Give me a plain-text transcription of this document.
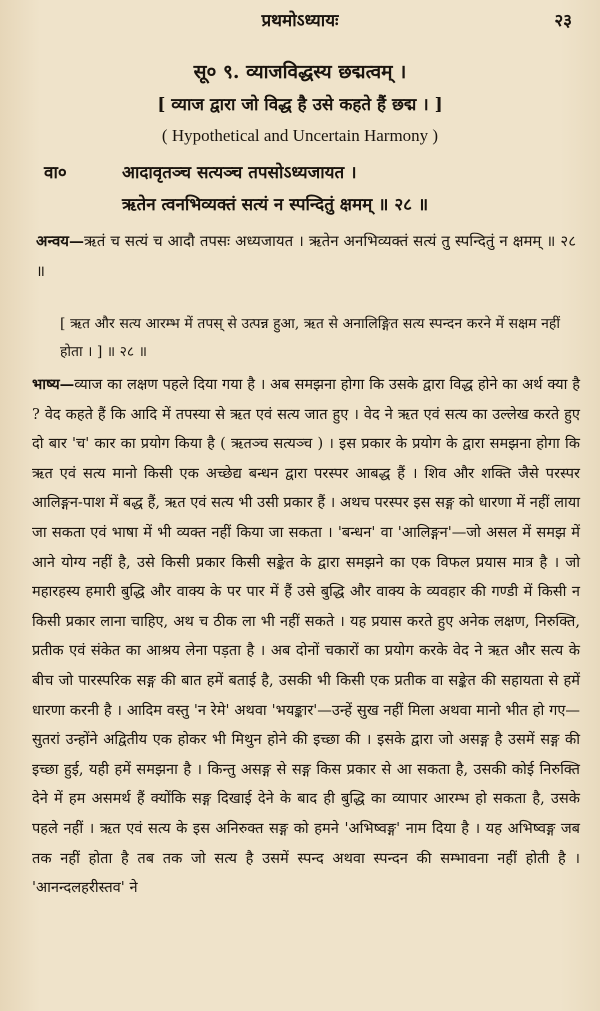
प्रथमोऽध्यायः	२३
सू० ९. व्याजविद्धस्य छद्मत्वम् ।
[ व्याज द्वारा जो विद्ध है उसे कहते हैं छद्म । ]
( Hypothetical and Uncertain Harmony )
वा०	आदावृतञ्च सत्यञ्च तपसोऽध्यजायत ।
ऋतेन त्वनभिव्यक्तं सत्यं न स्पन्दितुं क्षमम् ॥ २८ ॥

अन्वय—ऋतं च सत्यं च आदौ तपसः अध्यजायत । ऋतेन अनभिव्यक्तं सत्यं तु स्पन्दितुं न क्षमम् ॥ २८ ॥

[ ऋत और सत्य आरम्भ में तपस् से उत्पन्न हुआ, ऋत से अनालिङ्गित सत्य स्पन्दन करने में सक्षम नहीं होता । ] ॥ २८ ॥

भाष्य—व्याज का लक्षण पहले दिया गया है । अब समझना होगा कि उसके द्वारा विद्ध होने का अर्थ क्या है ? वेद कहते हैं कि आदि में तपस्या से ऋत एवं सत्य जात हुए । वेद ने ऋत एवं सत्य का उल्लेख करते हुए दो बार 'च' कार का प्रयोग किया है ( ऋतञ्च सत्यञ्च ) । इस प्रकार के प्रयोग के द्वारा समझना होगा कि ऋत एवं सत्य मानो किसी एक अच्छेद्य बन्धन द्वारा परस्पर आबद्ध हैं । शिव और शक्ति जैसे परस्पर आलिङ्गन-पाश में बद्ध हैं, ऋत एवं सत्य भी उसी प्रकार हैं । अथच परस्पर इस सङ्ग को धारणा में नहीं लाया जा सकता एवं भाषा में भी व्यक्त नहीं किया जा सकता । 'बन्धन' वा 'आलिङ्गन'—जो असल में समझ में आने योग्य नहीं है, उसे किसी प्रकार किसी सङ्केत के द्वारा समझने का एक विफल प्रयास मात्र है । जो महारहस्य हमारी बुद्धि और वाक्य के पर पार में हैं उसे बुद्धि और वाक्य के व्यवहार की गण्डी में किसी न किसी प्रकार लाना चाहिए, अथ च ठीक ला भी नहीं सकते । यह प्रयास करते हुए अनेक लक्षण, निरुक्ति, प्रतीक एवं संकेत का आश्रय लेना पड़ता है । अब दोनों चकारों का प्रयोग करके वेद ने ऋत और सत्य के बीच जो पारस्परिक सङ्ग की बात हमें बताई है, उसकी भी किसी एक प्रतीक वा सङ्केत की सहायता से हमें धारणा करनी है । आदिम वस्तु 'न रेमे' अथवा 'भयङ्कार'—उन्हें सुख नहीं मिला अथवा मानो भीत हो गए—सुतरां उन्होंने अद्वितीय एक होकर भी मिथुन होने की इच्छा की । इसके द्वारा जो असङ्ग है उसमें सङ्ग की इच्छा हुई, यही हमें समझना है । किन्तु असङ्ग से सङ्ग किस प्रकार से आ सकता है, उसकी कोई निरुक्ति देने में हम असमर्थ हैं क्योंकि सङ्ग दिखाई देने के बाद ही बुद्धि का व्यापार आरम्भ हो सकता है, उसके पहले नहीं । ऋत एवं सत्य के इस अनिरुक्त सङ्ग को हमने 'अभिष्वङ्ग' नाम दिया है । यह अभिष्वङ्ग जब तक नहीं होता है तब तक जो सत्य है उसमें स्पन्द अथवा स्पन्दन की सम्भावना नहीं होती है । 'आनन्दलहरीस्तव' ने
